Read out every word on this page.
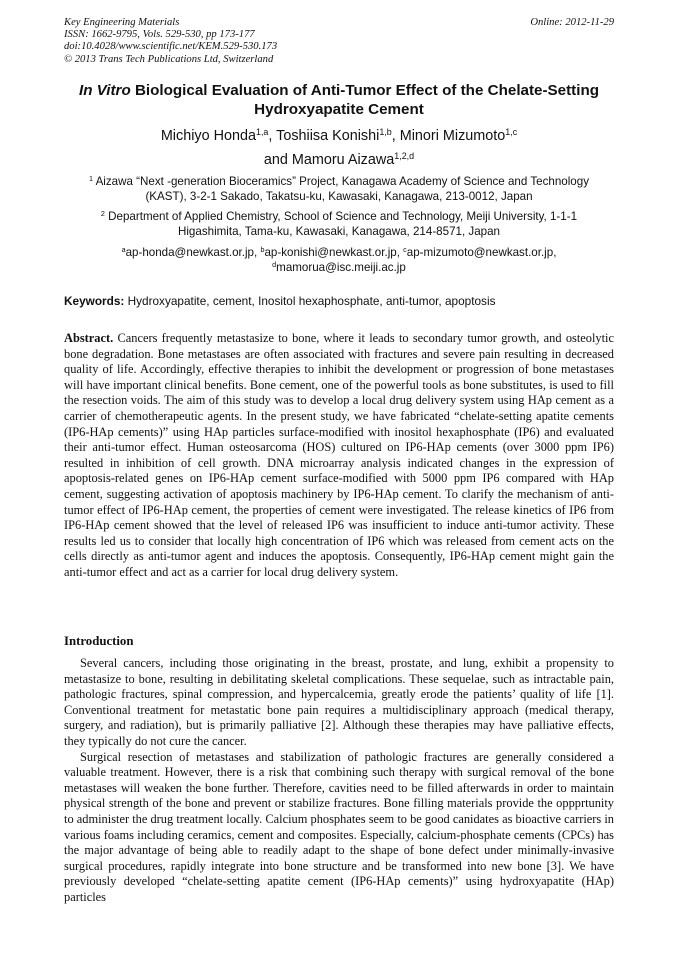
Key Engineering Materials
ISSN: 1662-9795, Vols. 529-530, pp 173-177
doi:10.4028/www.scientific.net/KEM.529-530.173
© 2013 Trans Tech Publications Ltd, Switzerland
Online: 2012-11-29
In Vitro Biological Evaluation of Anti-Tumor Effect of the Chelate-Setting
Hydroxyapatite Cement
Michiyo Honda$^{1,a}$, Toshiisa Konishi$^{1,b}$, Minori Mizumoto$^{1,c}$
and Mamoru Aizawa$^{1,2,d}$
$^1$ Aizawa “Next -generation Bioceramics” Project, Kanagawa Academy of Science and Technology
(KAST), 3-2-1 Sakado, Takatsu-ku, Kawasaki, Kanagawa, 213-0012, Japan
$^2$ Department of Applied Chemistry, School of Science and Technology, Meiji University, 1-1-1
Higashimita, Tama-ku, Kawasaki, Kanagawa, 214-8571, Japan
$^a$ap-honda@newkast.or.jp, $^b$ap-konishi@newkast.or.jp, $^c$ap-mizumoto@newkast.or.jp,
$^d$mamorua@isc.meiji.ac.jp
Keywords: Hydroxyapatite, cement, Inositol hexaphosphate, anti-tumor, apoptosis

Abstract. Cancers frequently metastasize to bone, where it leads to secondary tumor growth, and osteolytic bone degradation. Bone metastases are often associated with fractures and severe pain resulting in decreased quality of life. Accordingly, effective therapies to inhibit the development or progression of bone metastases will have important clinical benefits. Bone cement, one of the powerful tools as bone substitutes, is used to fill the resection voids. The aim of this study was to develop a local drug delivery system using HAp cement as a carrier of chemotherapeutic agents. In the present study, we have fabricated “chelate-setting apatite cements (IP6-HAp cements)” using HAp particles surface-modified with inositol hexaphosphate (IP6) and evaluated their anti-tumor effect. Human osteosarcoma (HOS) cultured on IP6-HAp cements (over 3000 ppm IP6) resulted in inhibition of cell growth. DNA microarray analysis indicated changes in the expression of apoptosis-related genes on IP6-HAp cement surface-modified with 5000 ppm IP6 compared with HAp cement, suggesting activation of apoptosis machinery by IP6-HAp cement. To clarify the mechanism of anti-tumor effect of IP6-HAp cement, the properties of cement were investigated. The release kinetics of IP6 from IP6-HAp cement showed that the level of released IP6 was insufficient to induce anti-tumor activity. These results led us to consider that locally high concentration of IP6 which was released from cement acts on the cells directly as anti-tumor agent and induces the apoptosis. Consequently, IP6-HAp cement might gain the anti-tumor effect and act as a carrier for local drug delivery system.

Introduction

Several cancers, including those originating in the breast, prostate, and lung, exhibit a propensity to metastasize to bone, resulting in debilitating skeletal complications. These sequelae, such as intractable pain, pathologic fractures, spinal compression, and hypercalcemia, greatly erode the patients’ quality of life [1]. Conventional treatment for metastatic bone pain requires a multidisciplinary approach (medical therapy, surgery, and radiation), but is primarily palliative [2]. Although these therapies may have palliative effects, they typically do not cure the cancer.

Surgical resection of metastases and stabilization of pathologic fractures are generally considered a valuable treatment. However, there is a risk that combining such therapy with surgical removal of the bone metastases will weaken the bone further. Therefore, cavities need to be filled afterwards in order to maintain physical strength of the bone and prevent or stabilize fractures. Bone filling materials provide the oppprtunity to administer the drug treatment locally. Calcium phosphates seem to be good canidates as bioactive carriers in various foams including ceramics, cement and composites. Especially, calcium-phosphate cements (CPCs) has the major advantage of being able to readily adapt to the shape of bone defect under minimally-invasive surgical procedures, rapidly integrate into bone structure and be transformed into new bone [3]. We have previously developed “chelate-setting apatite cement (IP6-HAp cements)” using hydroxyapatite (HAp) particles
